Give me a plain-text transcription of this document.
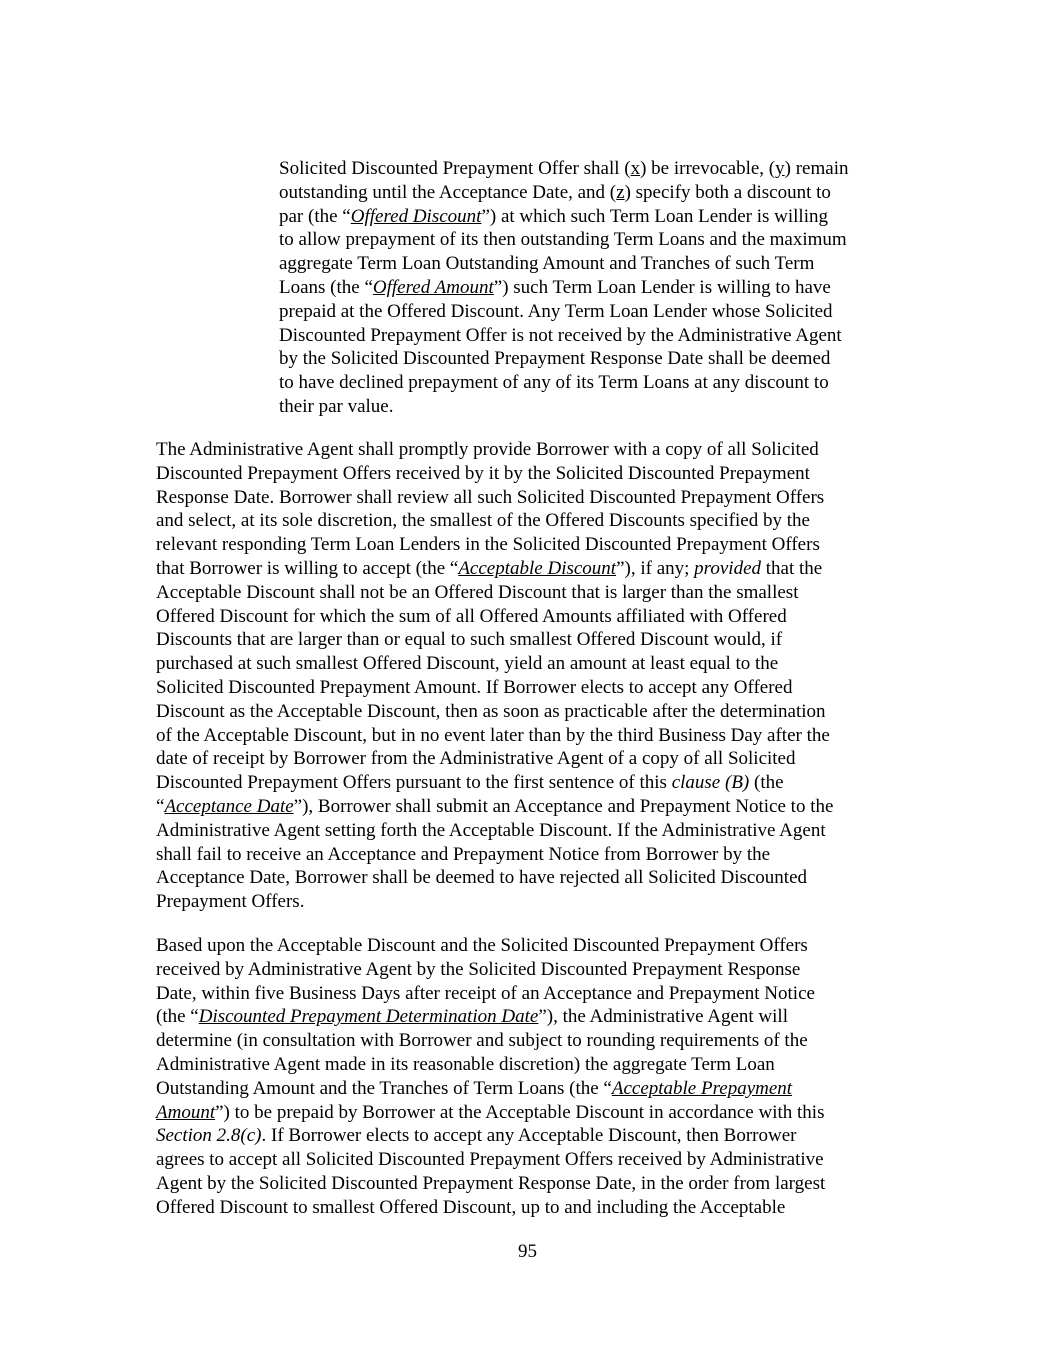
Solicited Discounted Prepayment Offer shall (x) be irrevocable, (y) remain
outstanding until the Acceptance Date, and (z) specify both a discount to
par (the “Offered Discount”) at which such Term Loan Lender is willing
to allow prepayment of its then outstanding Term Loans and the maximum
aggregate Term Loan Outstanding Amount and Tranches of such Term
Loans (the “Offered Amount”) such Term Loan Lender is willing to have
prepaid at the Offered Discount. Any Term Loan Lender whose Solicited
Discounted Prepayment Offer is not received by the Administrative Agent
by the Solicited Discounted Prepayment Response Date shall be deemed
to have declined prepayment of any of its Term Loans at any discount to
their par value.
The Administrative Agent shall promptly provide Borrower with a copy of all Solicited
Discounted Prepayment Offers received by it by the Solicited Discounted Prepayment
Response Date. Borrower shall review all such Solicited Discounted Prepayment Offers
and select, at its sole discretion, the smallest of the Offered Discounts specified by the
relevant responding Term Loan Lenders in the Solicited Discounted Prepayment Offers
that Borrower is willing to accept (the “Acceptable Discount”), if any; provided that the
Acceptable Discount shall not be an Offered Discount that is larger than the smallest
Offered Discount for which the sum of all Offered Amounts affiliated with Offered
Discounts that are larger than or equal to such smallest Offered Discount would, if
purchased at such smallest Offered Discount, yield an amount at least equal to the
Solicited Discounted Prepayment Amount. If Borrower elects to accept any Offered
Discount as the Acceptable Discount, then as soon as practicable after the determination
of the Acceptable Discount, but in no event later than by the third Business Day after the
date of receipt by Borrower from the Administrative Agent of a copy of all Solicited
Discounted Prepayment Offers pursuant to the first sentence of this clause (B) (the
“Acceptance Date”), Borrower shall submit an Acceptance and Prepayment Notice to the
Administrative Agent setting forth the Acceptable Discount. If the Administrative Agent
shall fail to receive an Acceptance and Prepayment Notice from Borrower by the
Acceptance Date, Borrower shall be deemed to have rejected all Solicited Discounted
Prepayment Offers.
Based upon the Acceptable Discount and the Solicited Discounted Prepayment Offers
received by Administrative Agent by the Solicited Discounted Prepayment Response
Date, within five Business Days after receipt of an Acceptance and Prepayment Notice
(the “Discounted Prepayment Determination Date”), the Administrative Agent will
determine (in consultation with Borrower and subject to rounding requirements of the
Administrative Agent made in its reasonable discretion) the aggregate Term Loan
Outstanding Amount and the Tranches of Term Loans (the “Acceptable Prepayment
Amount”) to be prepaid by Borrower at the Acceptable Discount in accordance with this
Section 2.8(c). If Borrower elects to accept any Acceptable Discount, then Borrower
agrees to accept all Solicited Discounted Prepayment Offers received by Administrative
Agent by the Solicited Discounted Prepayment Response Date, in the order from largest
Offered Discount to smallest Offered Discount, up to and including the Acceptable
95
